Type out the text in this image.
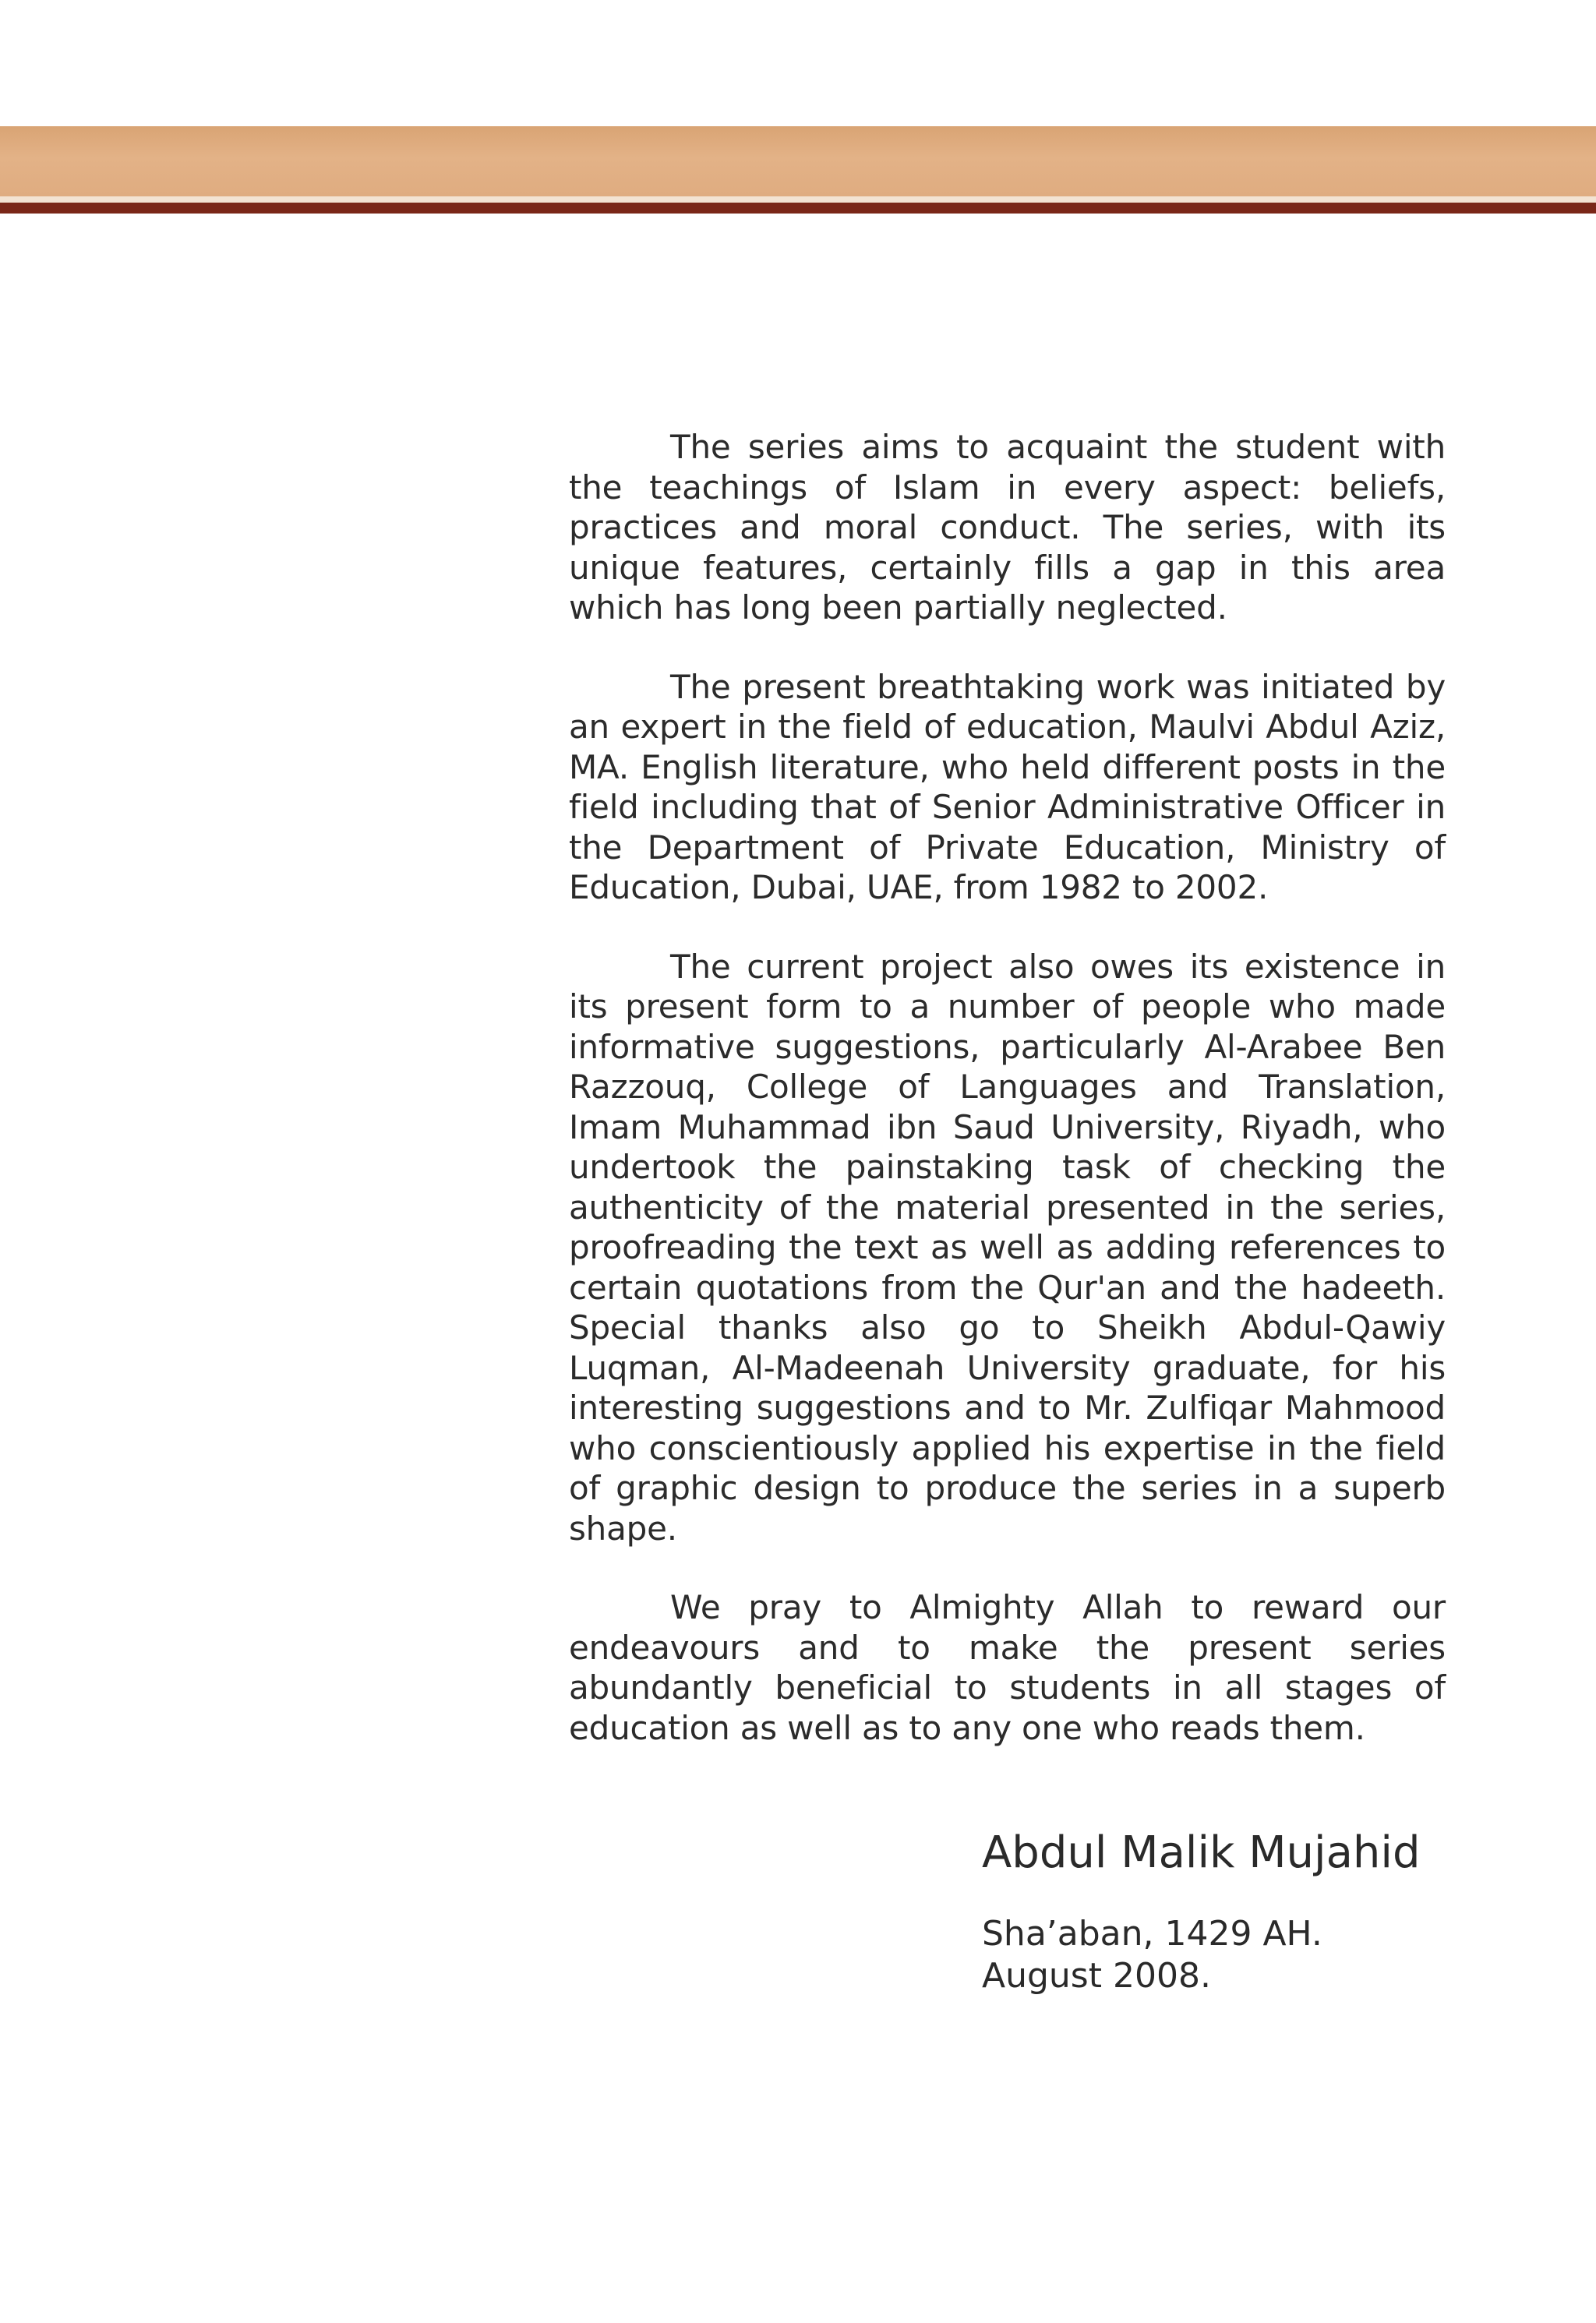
The series aims to acquaint the student with the teachings of Islam in every aspect: beliefs, practices and moral conduct. The series, with its unique features, certainly fills a gap in this area which has long been partially neglected.

The present breathtaking work was initiated by an expert in the field of education, Maulvi Abdul Aziz, MA. English literature, who held different posts in the field including that of Senior Administrative Officer in the Department of Private Education, Ministry of Education, Dubai, UAE, from 1982 to 2002.

The current project also owes its existence in its present form to a number of people who made informative suggestions, particularly Al-Arabee Ben Razzouq, College of Languages and Translation, Imam Muhammad ibn Saud University, Riyadh, who undertook the painstaking task of checking the authenticity of the material presented in the series, proofreading the text as well as adding references to certain quotations from the Qur'an and the hadeeth. Special thanks also go to Sheikh Abdul-Qawiy Luqman, Al-Madeenah University graduate, for his interesting suggestions and to Mr. Zulfiqar Mahmood who conscientiously applied his expertise in the field of graphic design to produce the series in a superb shape.

We pray to Almighty Allah to reward our endeavours and to make the present series abundantly beneficial to students in all stages of education as well as to any one who reads them.

Abdul Malik Mujahid

Sha’aban, 1429 AH.

August 2008.
